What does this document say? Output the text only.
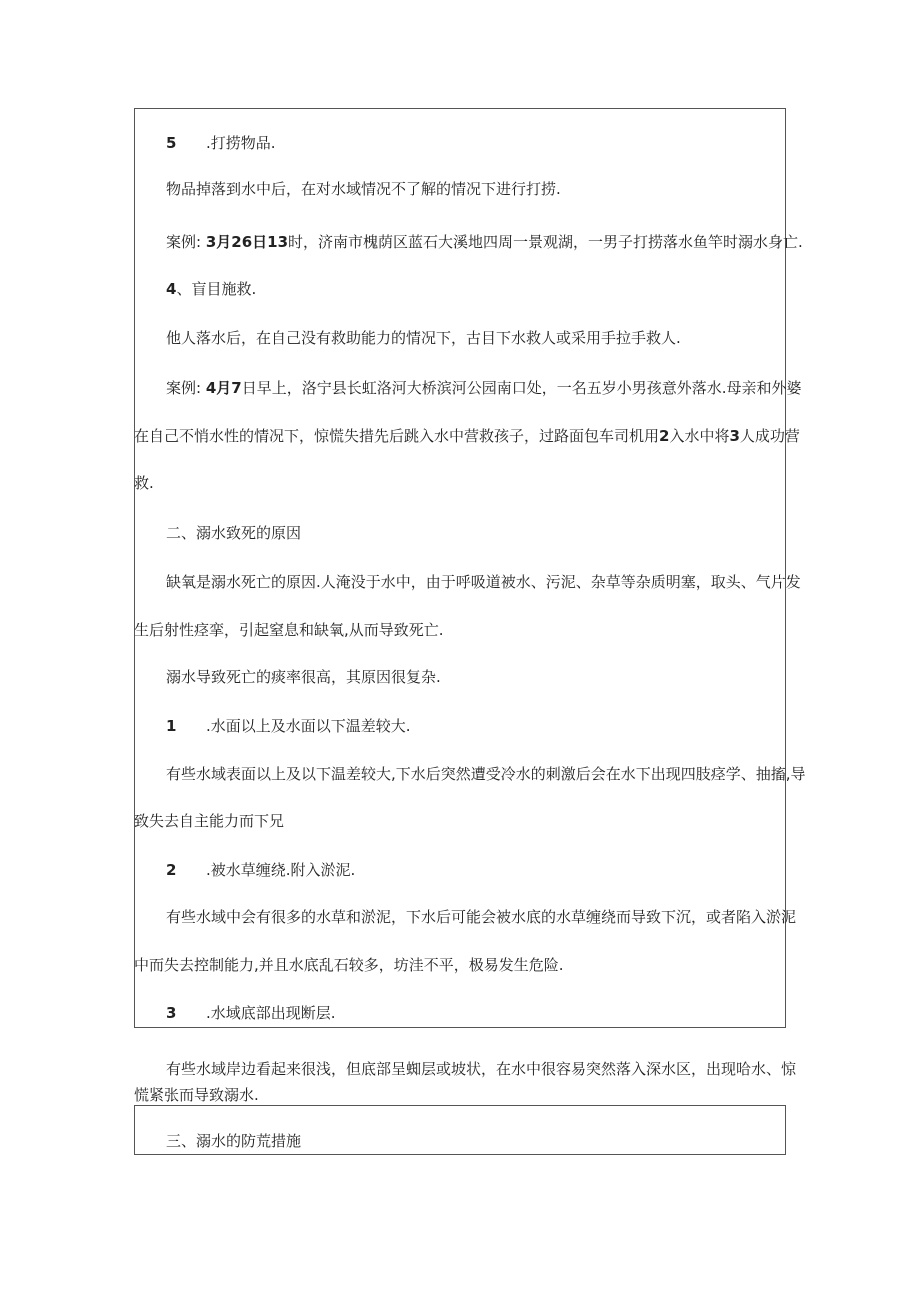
5 .打捞物品.
物品掉落到水中后，在对水域情况不了解的情况下进行打捞.
案例: 3月26日13时，济南市槐荫区蓝石大溪地四周一景观湖，一男子打捞落水鱼竿时溺水身亡.
4、盲目施救.
他人落水后，在自己没有救助能力的情况下，古目下水救人或采用手拉手救人.
案例: 4月7日早上，洛宁县长虹洛河大桥滨河公园南口处，一名五岁小男孩意外落水.母亲和外婆
在自己不悄水性的情况下，惊慌失措先后跳入水中营救孩子，过路面包车司机用2入水中将3人成功营
救.
二、溺水致死的原因
缺氧是溺水死亡的原因.人淹没于水中，由于呼吸道被水、污泥、杂草等杂质明塞，取头、气片发
生后射性痉挛，引起窒息和缺氧,从而导致死亡.
溺水导致死亡的痰率很高，其原因很复杂.
1 .水面以上及水面以下温差较大.
有些水域表面以上及以下温差较大,下水后突然遭受冷水的刺激后会在水下出现四肢痉学、抽搐,导
致失去自主能力而下兄
2 .被水草缠绕.附入淤泥.
有些水域中会有很多的水草和淤泥，下水后可能会被水底的水草缠绕而导致下沉，或者陷入淤泥
中而失去控制能力,并且水底乱石较多，坊洼不平，极易发生危险.
3 .水域底部出现断层.
有些水域岸边看起来很浅，但底部呈蜘层或坡状，在水中很容易突然落入深水区，出现哈水、惊
慌紧张而导致溺水.
三、溺水的防荒措施
